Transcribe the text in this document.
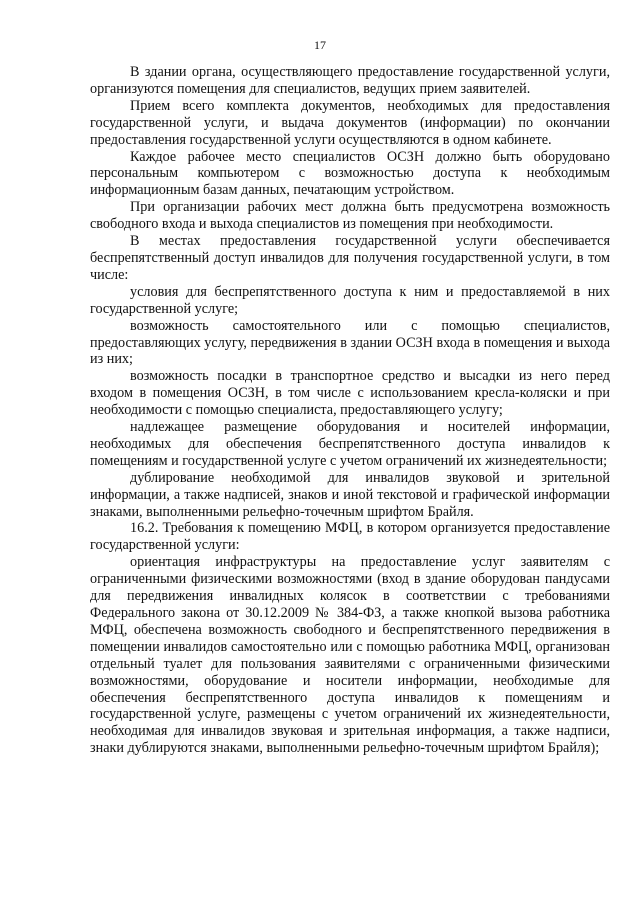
17

В здании органа, осуществляющего предоставление государственной услуги, организуются помещения для специалистов, ведущих прием заявителей.

Прием всего комплекта документов, необходимых для предоставления государственной услуги, и выдача документов (информации) по окончании предоставления государственной услуги осуществляются в одном кабинете.

Каждое рабочее место специалистов ОСЗН должно быть оборудовано персональным компьютером с возможностью доступа к необходимым информационным базам данных, печатающим устройством.

При организации рабочих мест должна быть предусмотрена возможность свободного входа и выхода специалистов из помещения при необходимости.

В местах предоставления государственной услуги обеспечивается беспрепятственный доступ инвалидов для получения государственной услуги, в том числе:

условия для беспрепятственного доступа к ним и предоставляемой в них государственной услуге;

возможность самостоятельного или с помощью специалистов, предоставляющих услугу, передвижения в здании ОСЗН входа в помещения и выхода из них;

возможность посадки в транспортное средство и высадки из него перед входом в помещения ОСЗН, в том числе с использованием кресла-коляски и при необходимости с помощью специалиста, предоставляющего услугу;

надлежащее размещение оборудования и носителей информации, необходимых для обеспечения беспрепятственного доступа инвалидов к помещениям и государственной услуге с учетом ограничений их жизнедеятельности;

дублирование необходимой для инвалидов звуковой и зрительной информации, а также надписей, знаков и иной текстовой и графической информации знаками, выполненными рельефно-точечным шрифтом Брайля.

16.2. Требования к помещению МФЦ, в котором организуется предоставление государственной услуги:

ориентация инфраструктуры на предоставление услуг заявителям с ограниченными физическими возможностями (вход в здание оборудован пандусами для передвижения инвалидных колясок в соответствии с требованиями Федерального закона от 30.12.2009 № 384-ФЗ, а также кнопкой вызова работника МФЦ, обеспечена возможность свободного и беспрепятственного передвижения в помещении инвалидов самостоятельно или с помощью работника МФЦ, организован отдельный туалет для пользования заявителями с ограниченными физическими возможностями, оборудование и носители информации, необходимые для обеспечения беспрепятственного доступа инвалидов к помещениям и государственной услуге, размещены с учетом ограничений их жизнедеятельности, необходимая для инвалидов звуковая и зрительная информация, а также надписи, знаки дублируются знаками, выполненными рельефно-точечным шрифтом Брайля);
